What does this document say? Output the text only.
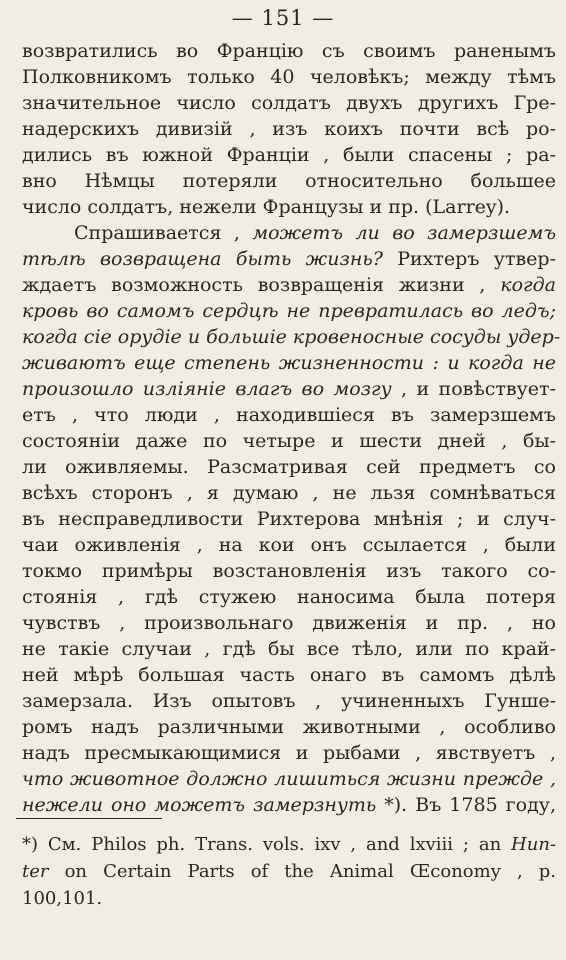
— 151 —
возвратились во Францію съ своимъ раненымъ
Полковникомъ только 40 человѣкъ; между тѣмъ
значительное число солдатъ двухъ другихъ Гре-
надерскихъ дивизій , изъ коихъ почти всѣ ро-
дились въ южной Франціи , были спасены ; ра-
вно Нѣмцы потеряли относительно большее
число солдатъ, нежели Французы и пр. (Larrey).
Спрашивается , можетъ ли во замерзшемъ
тѣлѣ возвращена быть жизнь? Рихтеръ утвер-
ждаетъ возможность возвращенія жизни , когда
кровь во самомъ сердцѣ не превратилась во ледъ;
когда сіе орудіе и большіе кровеносные сосуды удер-
живаютъ еще степень жизненности : и когда не
произошло изліяніе влагъ во мозгу , и повѣствует-
етъ , что люди , находившіеся въ замерзшемъ
состояніи даже по четыре и шести дней , бы-
ли оживляемы. Разсматривая сей предметъ со
всѣхъ сторонъ , я думаю , не льзя сомнѣваться
въ несправедливости Рихтерова мнѣнія ; и случ-
чаи оживленія , на кои онъ ссылается , были
токмо примѣры возстановленія изъ такого со-
стоянія , гдѣ стужею наносима была потеря
чувствъ , произвольнаго движенія и пр. , но
не такіе случаи , гдѣ бы все тѣло, или по край-
ней мѣрѣ большая часть онаго въ самомъ дѣлѣ
замерзала. Изъ опытовъ , учиненныхъ Гунше-
ромъ надъ различными животными , особливо
надъ пресмыкающимися и рыбами , явствуетъ ,
что животное должно лишиться жизни прежде ,
нежели оно можетъ замерзнуть *). Въ 1785 году,
*) См. Philos ph. Trans. vols. ixv , and lxviii ; an Hun-
ter on Certain Parts of the Animal Œconomy , p.
100,101.
